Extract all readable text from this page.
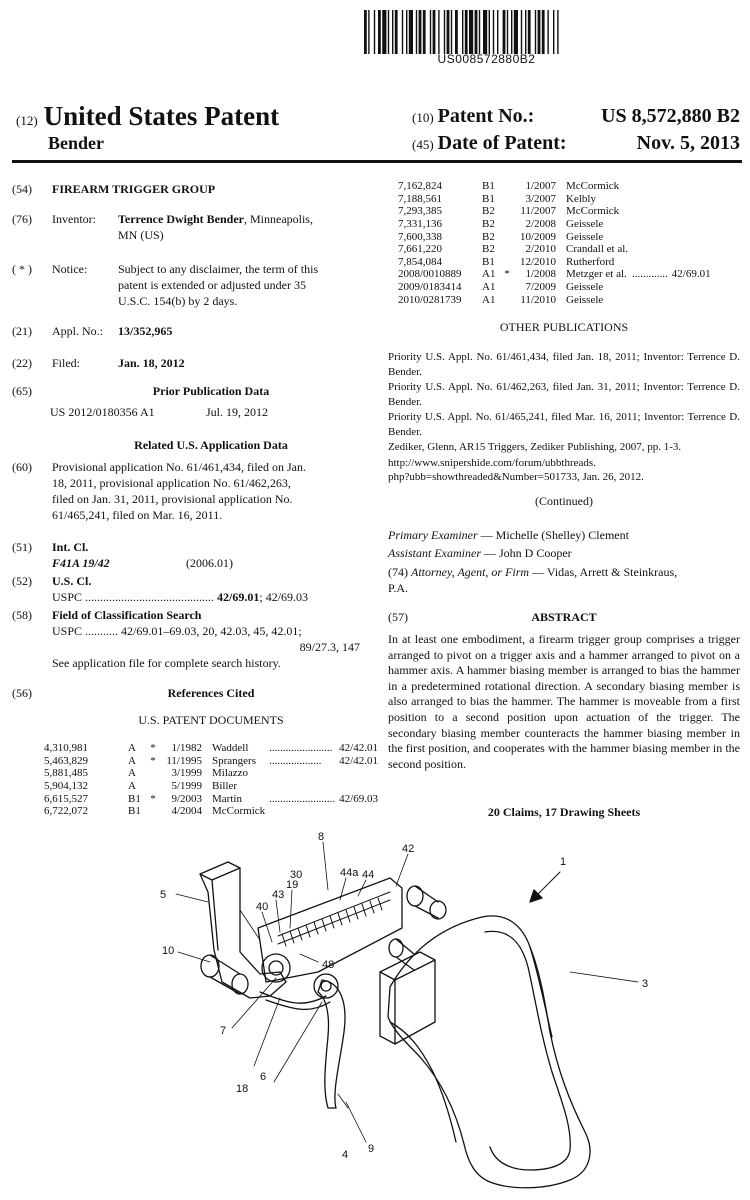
US008572880B2
(12) United States Patent
Bender
(10) Patent No.:	US 8,572,880 B2
(45) Date of Patent:	Nov. 5, 2013
(54) FIREARM TRIGGER GROUP
(76) Inventor: Terrence Dwight Bender, Minneapolis,
MN (US)
( * ) Notice:	Subject to any disclaimer, the term of this
patent is extended or adjusted under 35
U.S.C. 154(b) by 2 days.
(21) Appl. No.: 13/352,965
(22) Filed:	Jan. 18, 2012
(65)	Prior Publication Data
US 2012/0180356 A1	Jul. 19, 2012
Related U.S. Application Data
(60) Provisional application No. 61/461,434, filed on Jan.
18, 2011, provisional application No. 61/462,263,
filed on Jan. 31, 2011, provisional application No.
61/465,241, filed on Mar. 16, 2011.
(51) Int. Cl.
F41A 19/42	(2006.01)
(52) U.S. Cl.
USPC ........................................... 42/69.01; 42/69.03
(58) Field of Classification Search
USPC ........... 42/69.01–69.03, 20, 42.03, 45, 42.01;
89/27.3, 147
See application file for complete search history.
(56)	References Cited
U.S. PATENT DOCUMENTS
4,310,981	A	*	1/1982	Waddell	.......................	42/42.01
5,463,829	A	*	11/1995	Sprangers	...................	42/42.01
5,881,485	A		3/1999	Milazzo		
5,904,132	A		5/1999	Biller		
6,615,527	B1	*	9/2003	Martin	........................	42/69.03
6,722,072	B1		4/2004	McCormick		
7,162,824	B1		1/2007	McCormick		
7,188,561	B1		3/2007	Kelbly		
7,293,385	B2		11/2007	McCormick		
7,331,136	B2		2/2008	Geissele		
7,600,338	B2		10/2009	Geissele		
7,661,220	B2		2/2010	Crandall et al.		
7,854,084	B1		12/2010	Rutherford		
2008/0010889	A1	*	1/2008	Metzger et al.	.............	42/69.01
2009/0183414	A1		7/2009	Geissele		
2010/0281739	A1		11/2010	Geissele		
OTHER PUBLICATIONS
Priority U.S. Appl. No. 61/461,434, filed Jan. 18, 2011; Inventor: Terrence D. Bender.
Priority U.S. Appl. No. 61/462,263, filed Jan. 31, 2011; Inventor: Terrence D. Bender.
Priority U.S. Appl. No. 61/465,241, filed Mar. 16, 2011; Inventor: Terrence D. Bender.
Zediker, Glenn, AR15 Triggers, Zediker Publishing, 2007, pp. 1-3.
http://www.snipershide.com/forum/ubbthreads.
php?ubb=showthreaded&Number=501733, Jan. 26, 2012.
(Continued)
Primary Examiner — Michelle (Shelley) Clement
Assistant Examiner — John D Cooper
(74) Attorney, Agent, or Firm — Vidas, Arrett & Steinkraus,
P.A.
(57)	ABSTRACT
In at least one embodiment, a firearm trigger group comprises a trigger arranged to pivot on a trigger axis and a hammer arranged to pivot on a hammer axis. A hammer biasing member is arranged to bias the hammer in a predetermined rotational direction. A secondary biasing member is also arranged to bias the hammer. The hammer is moveable from a first position to a second position upon actuation of the trigger. The secondary biasing member counteracts the hammer biasing member in the first position, and cooperates with the hammer biasing member in the second position.
20 Claims, 17 Drawing Sheets
1
3
4
5
6
7
8
9
10
18
19
30
40
42
43
44
44a
48
